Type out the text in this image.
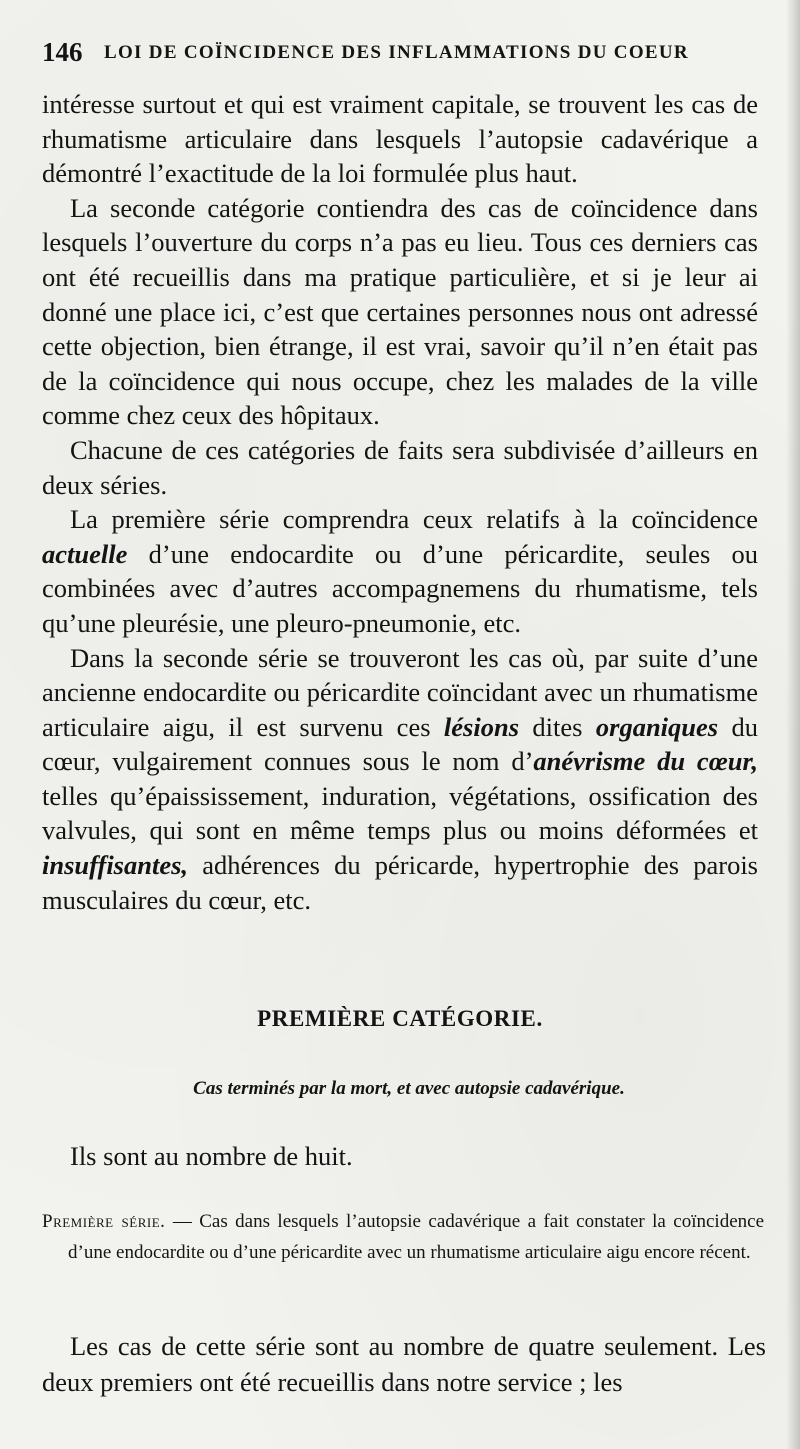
146 LOI DE COÏNCIDENCE DES INFLAMMATIONS DU COEUR

intéresse surtout et qui est vraiment capitale, se trouvent les cas de rhumatisme articulaire dans lesquels l’autopsie cadavérique a démontré l’exactitude de la loi formulée plus haut.

La seconde catégorie contiendra des cas de coïncidence dans lesquels l’ouverture du corps n’a pas eu lieu. Tous ces derniers cas ont été recueillis dans ma pratique particulière, et si je leur ai donné une place ici, c’est que certaines personnes nous ont adressé cette objection, bien étrange, il est vrai, savoir qu’il n’en était pas de la coïncidence qui nous occupe, chez les malades de la ville comme chez ceux des hôpitaux.

Chacune de ces catégories de faits sera subdivisée d’ailleurs en deux séries.

La première série comprendra ceux relatifs à la coïncidence actuelle d’une endocardite ou d’une péricardite, seules ou combinées avec d’autres accompagnemens du rhumatisme, tels qu’une pleurésie, une pleuro-pneumonie, etc.

Dans la seconde série se trouveront les cas où, par suite d’une ancienne endocardite ou péricardite coïncidant avec un rhumatisme articulaire aigu, il est survenu ces lésions dites organiques du cœur, vulgairement connues sous le nom d’anévrisme du cœur, telles qu’épaississement, induration, végétations, ossification des valvules, qui sont en même temps plus ou moins déformées et insuffisantes, adhérences du péricarde, hypertrophie des parois musculaires du cœur, etc.

PREMIÈRE CATÉGORIE.
Cas terminés par la mort, et avec autopsie cadavérique.
Ils sont au nombre de huit.

Première série. — Cas dans lesquels l’autopsie cadavérique a fait constater la coïncidence d’une endocardite ou d’une péricardite avec un rhumatisme articulaire aigu encore récent.

Les cas de cette série sont au nombre de quatre seulement. Les deux premiers ont été recueillis dans notre service ; les
